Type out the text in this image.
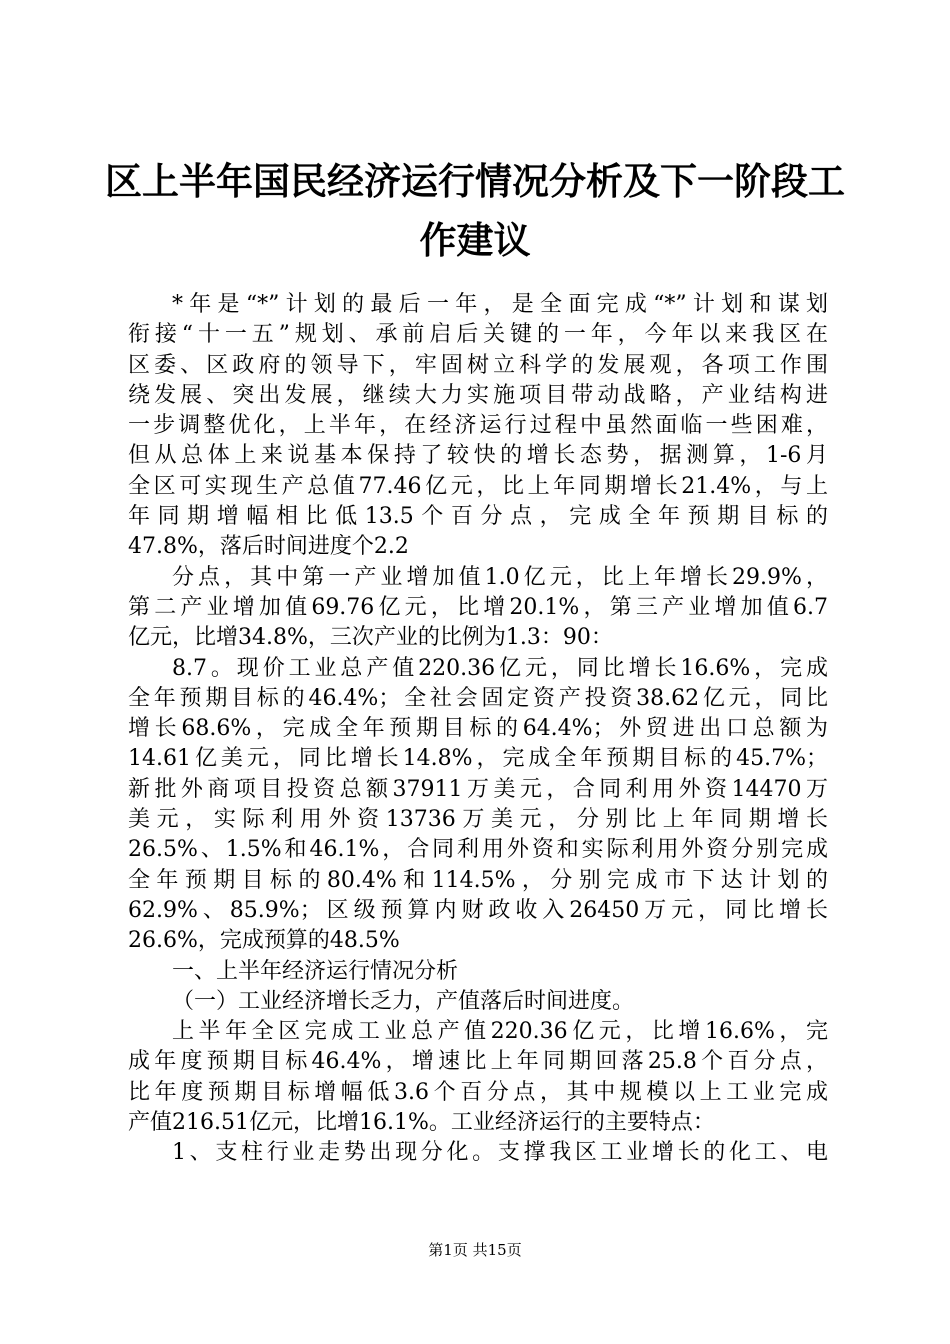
区上半年国民经济运行情况分析及下一阶段工
作建议
*年是“*”计划的最后一年，是全面完成“*”计划和谋划
衔接“十一五”规划、承前启后关键的一年，今年以来我区在
区委、区政府的领导下，牢固树立科学的发展观，各项工作围
绕发展、突出发展，继续大力实施项目带动战略，产业结构进
一步调整优化，上半年，在经济运行过程中虽然面临一些困难，
但从总体上来说基本保持了较快的增长态势，据测算，1-6月
全区可实现生产总值77.46亿元，比上年同期增长21.4%，与上
年同期增幅相比低13.5个百分点，完成全年预期目标的
47.8%，落后时间进度个2.2
分点，其中第一产业增加值1.0亿元，比上年增长29.9%，
第二产业增加值69.76亿元，比增20.1%，第三产业增加值6.7
亿元，比增34.8%，三次产业的比例为1.3：90：
8.7。现价工业总产值220.36亿元，同比增长16.6%，完成
全年预期目标的46.4%；全社会固定资产投资38.62亿元，同比
增长68.6%，完成全年预期目标的64.4%；外贸进出口总额为
14.61亿美元，同比增长14.8%，完成全年预期目标的45.7%；
新批外商项目投资总额37911万美元，合同利用外资14470万
美元，实际利用外资13736万美元，分别比上年同期增长
26.5%、1.5%和46.1%，合同利用外资和实际利用外资分别完成
全年预期目标的80.4%和114.5%，分别完成市下达计划的
62.9%、85.9%；区级预算内财政收入26450万元，同比增长
26.6%，完成预算的48.5%
一、上半年经济运行情况分析
（一）工业经济增长乏力，产值落后时间进度。
上半年全区完成工业总产值220.36亿元，比增16.6%，完
成年度预期目标46.4%，增速比上年同期回落25.8个百分点，
比年度预期目标增幅低3.6个百分点，其中规模以上工业完成
产值216.51亿元，比增16.1%。工业经济运行的主要特点：
1、支柱行业走势出现分化。支撑我区工业增长的化工、电
第1页 共15页
